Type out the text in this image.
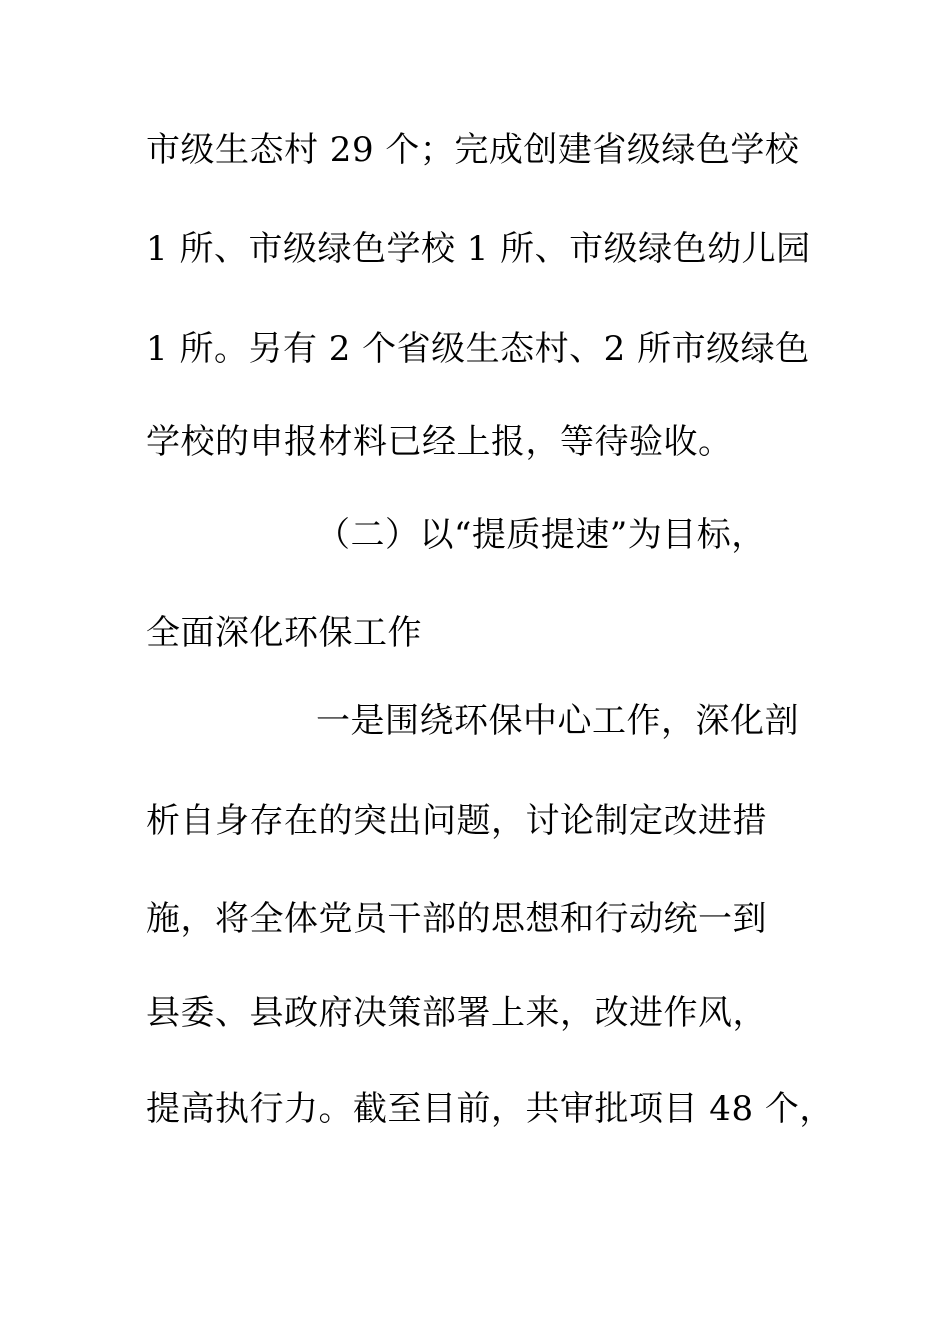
市级生态村 29 个；完成创建省级绿色学校
1 所、市级绿色学校 1 所、市级绿色幼儿园
1 所。另有 2 个省级生态村、2 所市级绿色
学校的申报材料已经上报，等待验收。
（二）以“提质提速”为目标，
全面深化环保工作
一是围绕环保中心工作，深化剖
析自身存在的突出问题，讨论制定改进措
施，将全体党员干部的思想和行动统一到
县委、县政府决策部署上来，改进作风，
提高执行力。截至目前，共审批项目 48 个，
